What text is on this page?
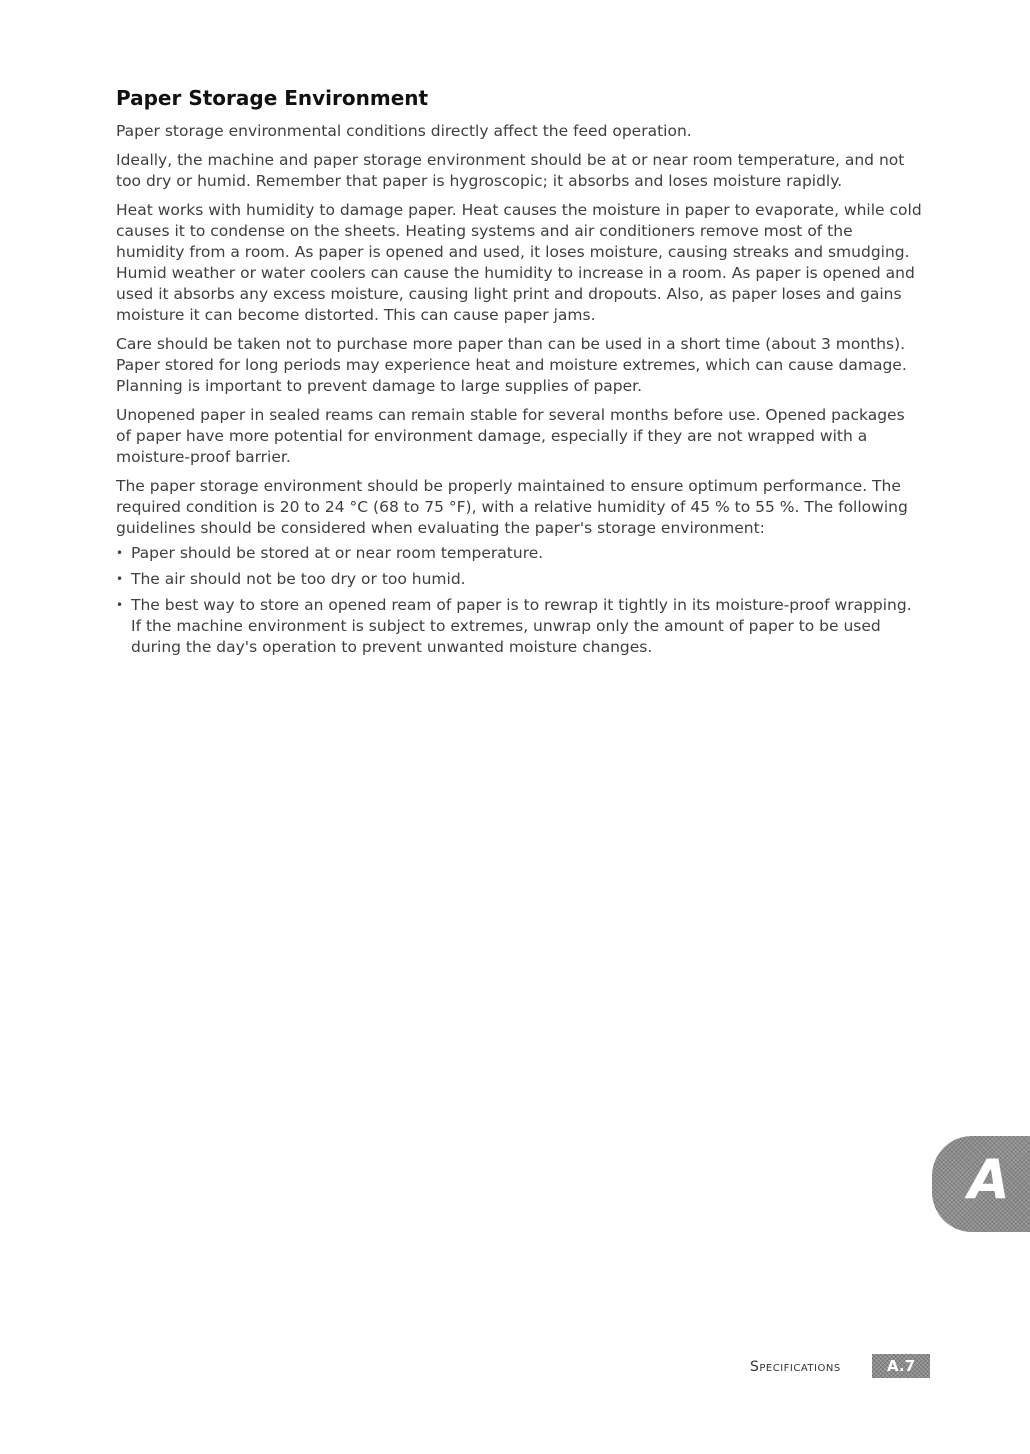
Paper Storage Environment

Paper storage environmental conditions directly affect the feed operation.

Ideally, the machine and paper storage environment should be at or near room temperature, and not too dry or humid. Remember that paper is hygroscopic; it absorbs and loses moisture rapidly.

Heat works with humidity to damage paper. Heat causes the moisture in paper to evaporate, while cold causes it to condense on the sheets. Heating systems and air conditioners remove most of the humidity from a room. As paper is opened and used, it loses moisture, causing streaks and smudging. Humid weather or water coolers can cause the humidity to increase in a room. As paper is opened and used it absorbs any excess moisture, causing light print and dropouts. Also, as paper loses and gains moisture it can become distorted. This can cause paper jams.

Care should be taken not to purchase more paper than can be used in a short time (about 3 months). Paper stored for long periods may experience heat and moisture extremes, which can cause damage. Planning is important to prevent damage to large supplies of paper.

Unopened paper in sealed reams can remain stable for several months before use. Opened packages of paper have more potential for environment damage, especially if they are not wrapped with a moisture-proof barrier.

The paper storage environment should be properly maintained to ensure optimum performance. The required condition is 20 to 24 °C (68 to 75 °F), with a relative humidity of 45 % to 55 %. The following guidelines should be considered when evaluating the paper's storage environment:

• Paper should be stored at or near room temperature.
• The air should not be too dry or too humid.
• The best way to store an opened ream of paper is to rewrap it tightly in its moisture-proof wrapping. If the machine environment is subject to extremes, unwrap only the amount of paper to be used during the day's operation to prevent unwanted moisture changes.
A
Specifications	A.7
